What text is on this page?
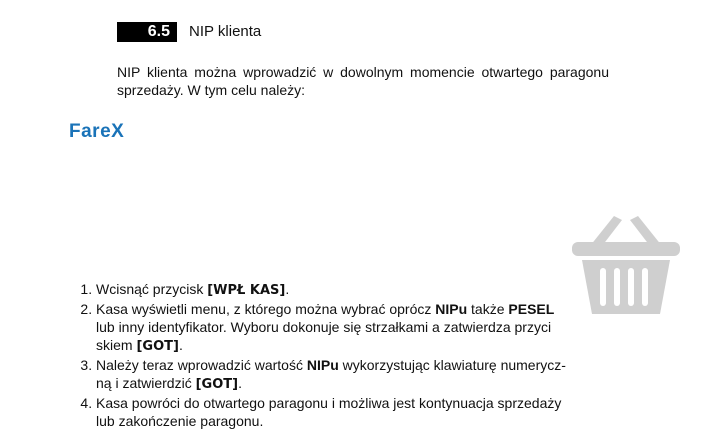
6.5 NIP klienta

NIP klienta można wprowadzić w dowolnym momencie otwartego paragonu sprzedaży. W tym celu należy:

FareX
1. Wcisnąć przycisk [WPŁ KAS].
2. Kasa wyświetli menu, z którego można wybrać oprócz NIPu także PESEL
lub inny identyfikator. Wyboru dokonuje się strzałkami a zatwierdza przyci
skiem [GOT].
3. Należy teraz wprowadzić wartość NIPu wykorzystując klawiaturę numerycz-
ną i zatwierdzić [GOT].
4. Kasa powróci do otwartego paragonu i możliwa jest kontynuacja sprzedaży
lub zakończenie paragonu.
